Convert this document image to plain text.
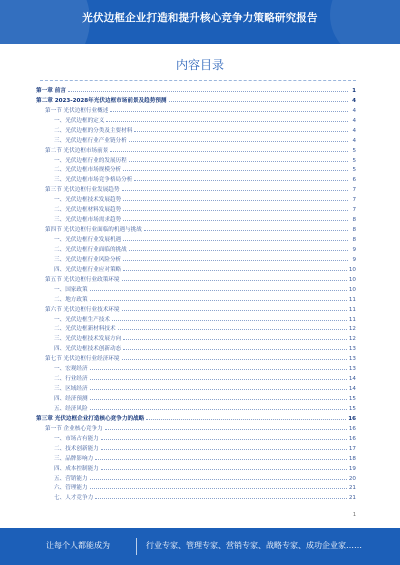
光伏边框企业打造和提升核心竞争力策略研究报告
内容目录
第一章 前言	1
第二章 2023-2028年光伏边框市场前景及趋势预测	4
第一节 光伏边框行业概述	4
一、光伏边框的定义	4
二、光伏边框的分类及主要材料	4
三、光伏边框行业产业链分析	4
第二节 光伏边框市场前景	5
一、光伏边框行业的发展历程	5
二、光伏边框市场规模分析	5
三、光伏边框市场竞争格局分析	6
第三节 光伏边框行业发展趋势	7
一、光伏边框技术发展趋势	7
二、光伏边框材料发展趋势	7
三、光伏边框市场需求趋势	8
第四节 光伏边框行业面临的机遇与挑战	8
一、光伏边框行业发展机遇	8
二、光伏边框行业面临的挑战	9
三、光伏边框行业风险分析	9
四、光伏边框行业应对策略	10
第五节 光伏边框行业政策环境	10
一、国家政策	10
二、地方政策	11
第六节 光伏边框行业技术环境	11
一、光伏边框生产技术	11
二、光伏边框新材料技术	12
三、光伏边框技术发展方向	12
四、光伏边框技术创新动态	13
第七节 光伏边框行业经济环境	13
一、宏观经济	13
二、行业经济	14
三、区域经济	14
四、经济预测	15
五、经济风险	15
第三章 光伏边框企业打造核心竞争力的战略	16
第一节 企业核心竞争力	16
一、市场占有能力	16
二、技术创新能力	17
三、品牌影响力	18
四、成本控制能力	19
五、营销能力	20
六、管理能力	21
七、人才竞争力	21
1
让每个人都能成为	行业专家、管理专家、营销专家、战略专家、成功企业家……
